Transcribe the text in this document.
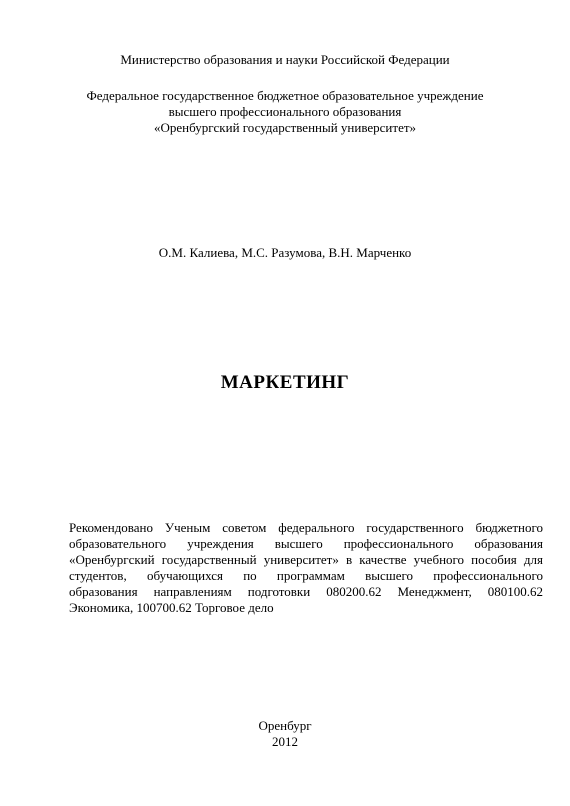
Министерство образования и науки Российской Федерации
Федеральное государственное бюджетное образовательное учреждение
высшего профессионального образования
«Оренбургский государственный университет»
О.М. Калиева, М.С. Разумова, В.Н. Марченко
МАРКЕТИНГ
Рекомендовано Ученым советом федерального государственного бюджетного
образовательного учреждения высшего профессионального образования
«Оренбургский государственный университет» в качестве учебного пособия для
студентов, обучающихся по программам высшего профессионального
образования направлениям подготовки 080200.62 Менеджмент, 080100.62
Экономика, 100700.62 Торговое дело
Оренбург
2012
